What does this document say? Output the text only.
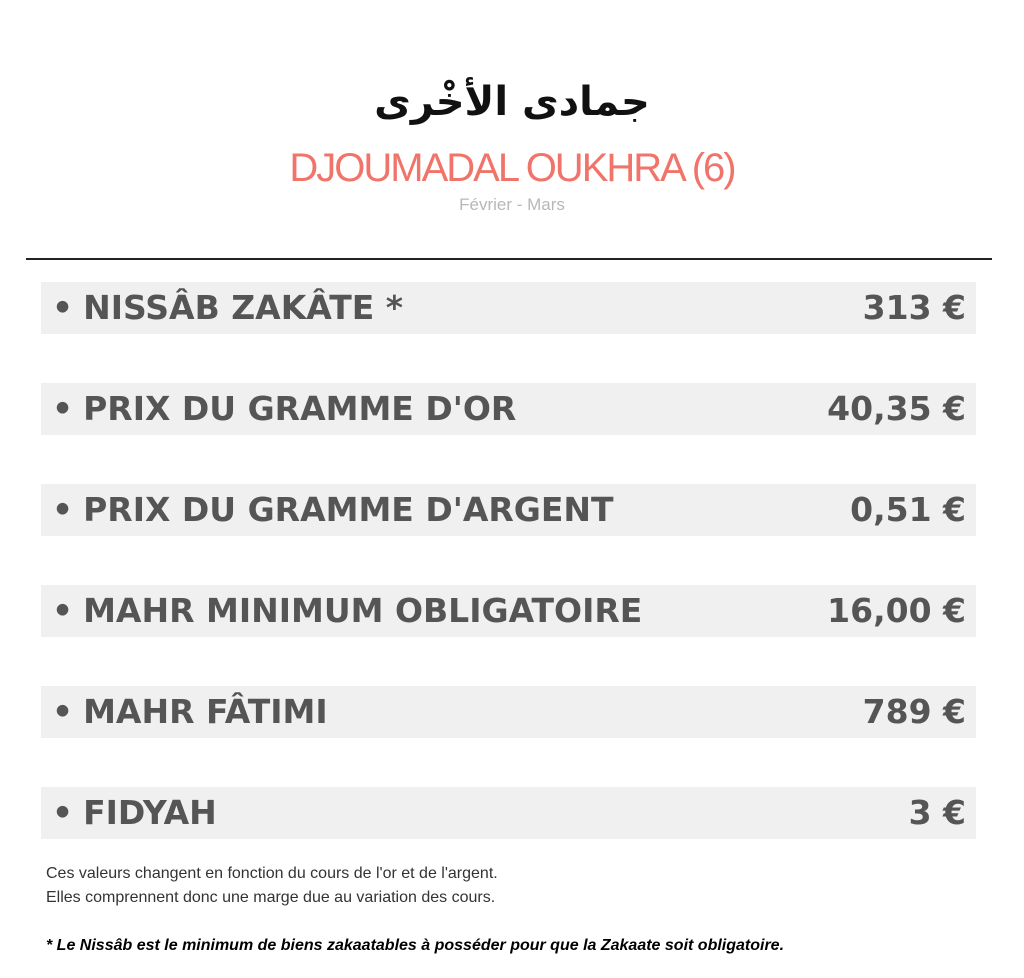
جمادى الأخْرى
DJOUMADAL OUKHRA (6)
Février - Mars
• NISSÂB ZAKÂTE *	313 €
• PRIX DU GRAMME D'OR	40,35 €
• PRIX DU GRAMME D'ARGENT	0,51 €
• MAHR MINIMUM OBLIGATOIRE	16,00 €
• MAHR FÂTIMI	789 €
• FIDYAH	3 €
Ces valeurs changent en fonction du cours de l'or et de l'argent.
Elles comprennent donc une marge due au variation des cours.
* Le Nissâb est le minimum de biens zakaatables à posséder pour que la Zakaate soit obligatoire.
